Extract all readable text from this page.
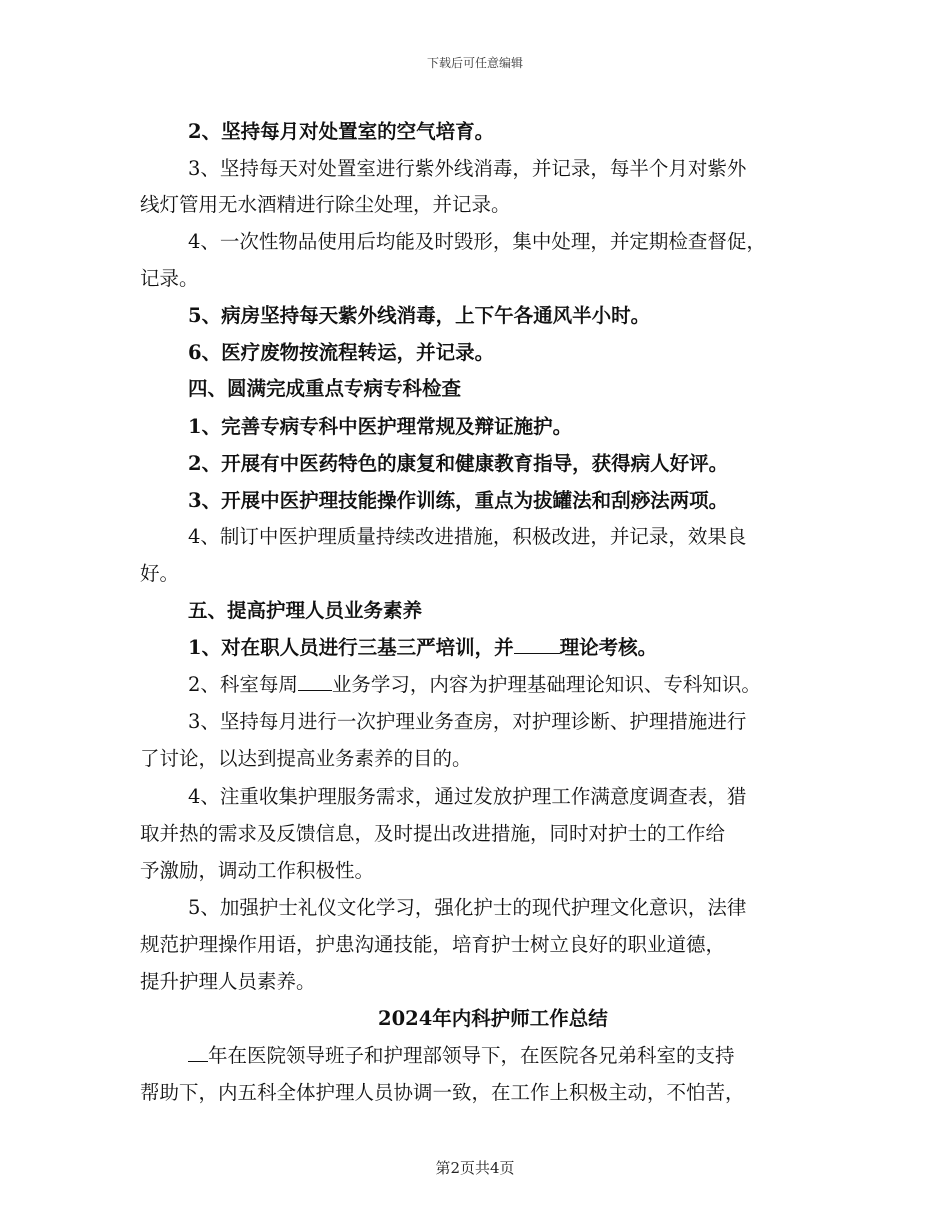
下载后可任意编辑
2、坚持每月对处置室的空气培育。
3、坚持每天对处置室进行紫外线消毒，并记录，每半个月对紫外
线灯管用无水酒精进行除尘处理，并记录。
4、一次性物品使用后均能及时毁形，集中处理，并定期检查督促，
记录。
5、病房坚持每天紫外线消毒，上下午各通风半小时。
6、医疗废物按流程转运，并记录。
四、圆满完成重点专病专科检查
1、完善专病专科中医护理常规及辩证施护。
2、开展有中医药特色的康复和健康教育指导，获得病人好评。
3、开展中医护理技能操作训练，重点为拔罐法和刮痧法两项。
4、制订中医护理质量持续改进措施，积极改进，并记录，效果良
好。
五、提高护理人员业务素养
1、对在职人员进行三基三严培训，并 理论考核。
2、科室每周 业务学习，内容为护理基础理论知识、专科知识。
3、坚持每月进行一次护理业务查房，对护理诊断、护理措施进行
了讨论，以达到提高业务素养的目的。
4、注重收集护理服务需求，通过发放护理工作满意度调查表，猎
取并热的需求及反馈信息，及时提出改进措施，同时对护士的工作给
予激励，调动工作积极性。
5、加强护士礼仪文化学习，强化护士的现代护理文化意识，法律
规范护理操作用语，护患沟通技能，培育护士树立良好的职业道德，
提升护理人员素养。
2024年内科护师工作总结
年在医院领导班子和护理部领导下，在医院各兄弟科室的支持
帮助下，内五科全体护理人员协调一致，在工作上积极主动，不怕苦，
第2页共4页
